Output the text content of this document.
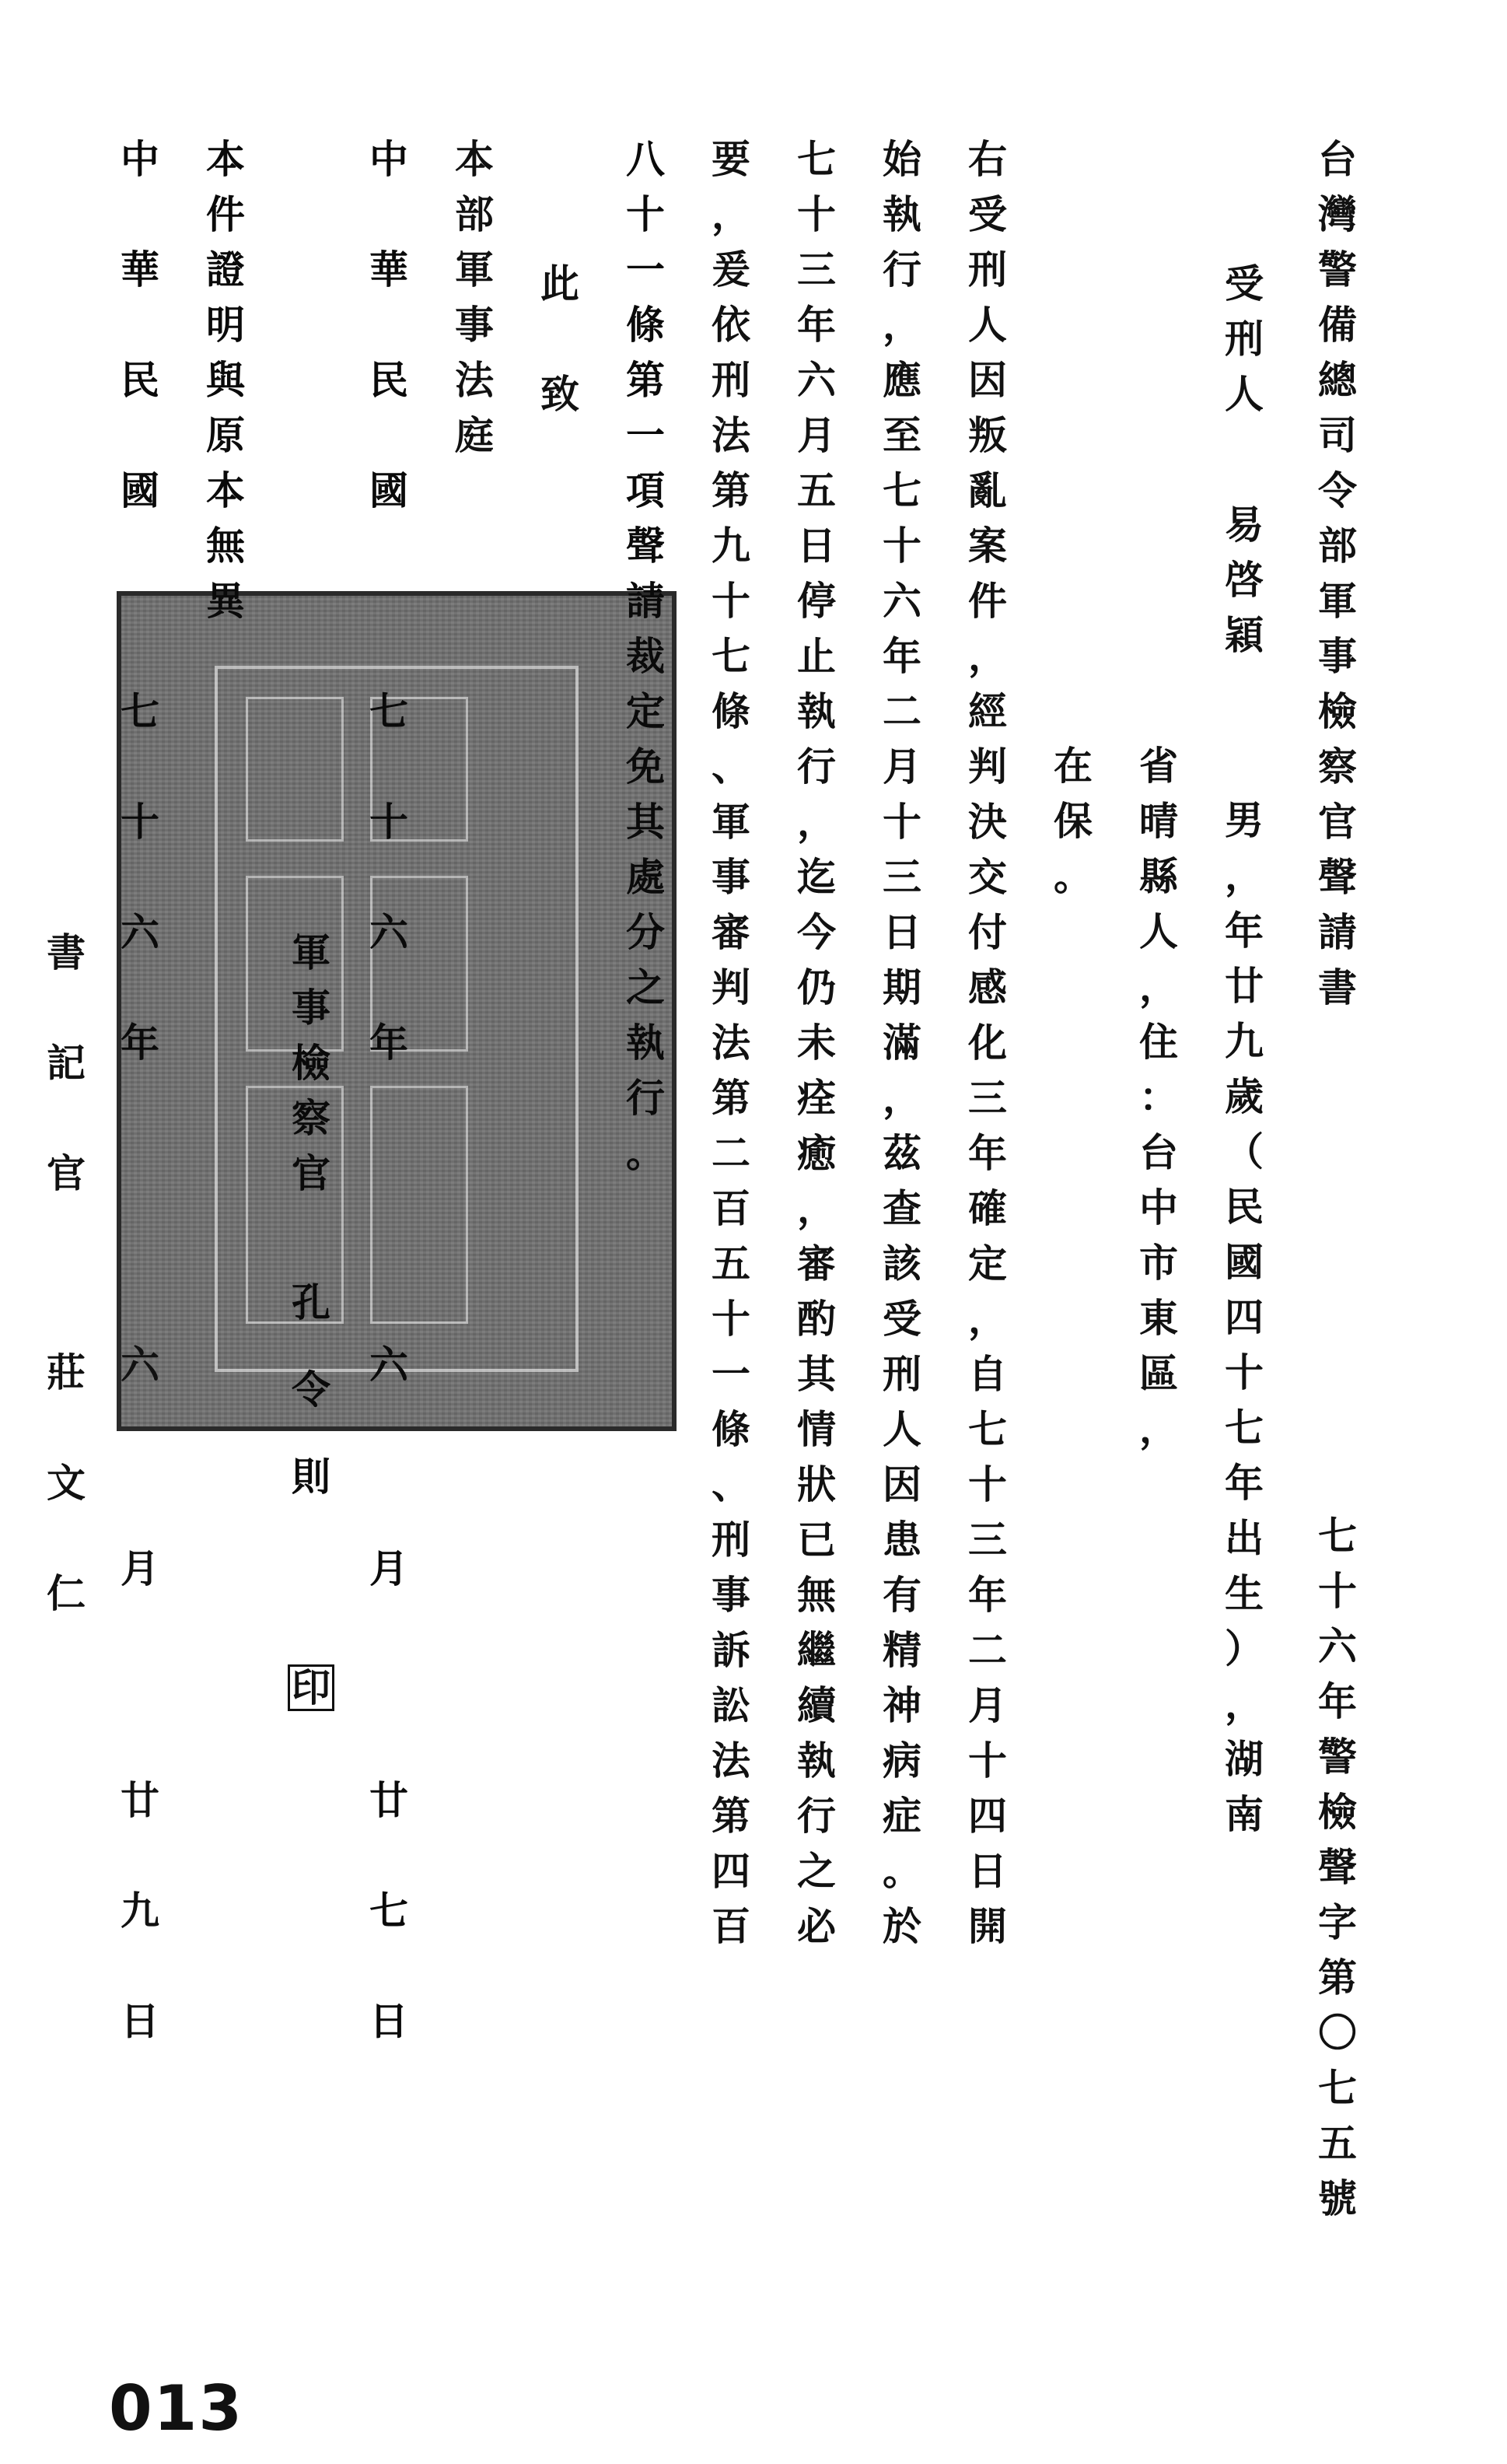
台
灣
警
備
總
司
令
部
軍
事
檢
察
官
聲
請
書
七
十
六
年
警
檢
聲
字
第
〇
七
五
號
受
刑
人
易
啓
穎
男
，
年
廿
九
歲
（
民
國
四
十
七
年
出
生
）
，
湖
南
省
晴
縣
人
，
住
：
台
中
市
東
區
，
在
保
。
右
受
刑
人
因
叛
亂
案
件
，
經
判
決
交
付
感
化
三
年
確
定
，
自
七
十
三
年
二
月
十
四
日
開
始
執
行
，
應
至
七
十
六
年
二
月
十
三
日
期
滿
，
茲
查
該
受
刑
人
因
患
有
精
神
病
症
。
於
七
十
三
年
六
月
五
日
停
止
執
行
，
迄
今
仍
未
痊
癒
，
審
酌
其
情
狀
已
無
繼
續
執
行
之
必
要
，
爰
依
刑
法
第
九
十
七
條
、
軍
事
審
判
法
第
二
百
五
十
一
條
、
刑
事
訴
訟
法
第
四
百
八
十
一
條
第
一
項
聲
請
裁
定
免
其
處
分
之
執
行
。
此
致
本
部
軍
事
法
庭
中
華
民
國
七
十
六
年
六
月
廿
七
日
軍
事
檢
察
官
孔
令
則
印
本
件
證
明
與
原
本
無
異
中
華
民
國
七
十
六
年
六
月
廿
九
日
書
記
官
莊
文
仁
013
